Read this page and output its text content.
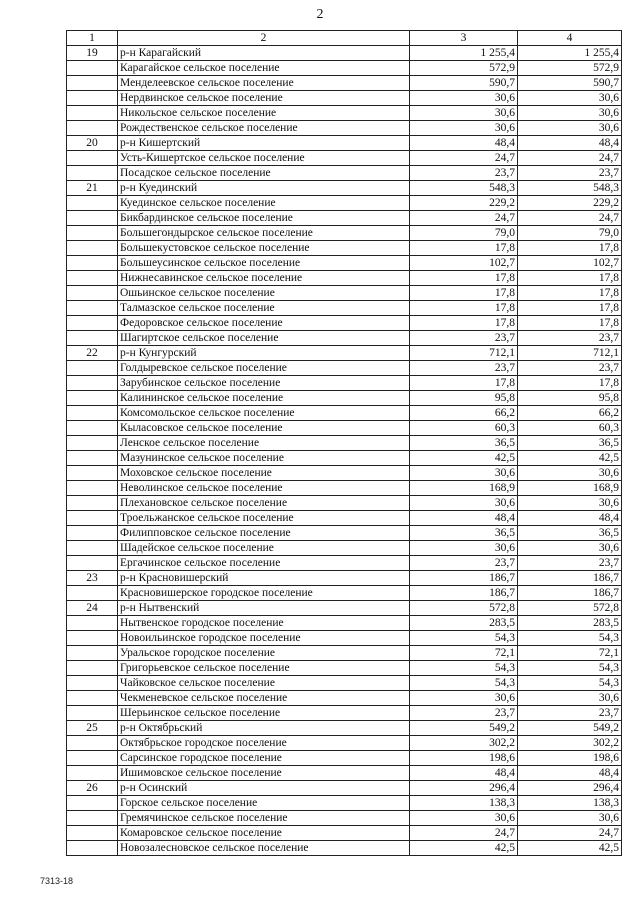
2
1	2	3	4
19	р-н Карагайский	1 255,4	1 255,4
	Карагайское сельское поселение	572,9	572,9
	Менделеевское сельское поселение	590,7	590,7
	Нердвинское сельское поселение	30,6	30,6
	Никольское сельское поселение	30,6	30,6
	Рождественское сельское поселение	30,6	30,6
20	р-н Кишертский	48,4	48,4
	Усть-Кишертское сельское поселение	24,7	24,7
	Посадское сельское поселение	23,7	23,7
21	р-н Куединский	548,3	548,3
	Куединское сельское поселение	229,2	229,2
	Бикбардинское сельское поселение	24,7	24,7
	Большегондырское сельское поселение	79,0	79,0
	Большекустовское сельское поселение	17,8	17,8
	Большеусинское сельское поселение	102,7	102,7
	Нижнесавинское сельское поселение	17,8	17,8
	Ошьинское сельское поселение	17,8	17,8
	Талмазское сельское поселение	17,8	17,8
	Федоровское сельское поселение	17,8	17,8
	Шагиртское сельское поселение	23,7	23,7
22	р-н Кунгурский	712,1	712,1
	Голдыревское сельское поселение	23,7	23,7
	Зарубинское сельское поселение	17,8	17,8
	Калининское сельское поселение	95,8	95,8
	Комсомольское сельское поселение	66,2	66,2
	Кыласовское сельское поселение	60,3	60,3
	Ленское сельское поселение	36,5	36,5
	Мазунинское сельское поселение	42,5	42,5
	Моховское сельское поселение	30,6	30,6
	Неволинское сельское поселение	168,9	168,9
	Плехановское сельское поселение	30,6	30,6
	Троельжанское сельское поселение	48,4	48,4
	Филипповское сельское поселение	36,5	36,5
	Шадейское сельское поселение	30,6	30,6
	Ергачинское сельское поселение	23,7	23,7
23	р-н Красновишерский	186,7	186,7
	Красновишерское городское поселение	186,7	186,7
24	р-н Нытвенский	572,8	572,8
	Нытвенское городское поселение	283,5	283,5
	Новоильинское городское поселение	54,3	54,3
	Уральское городское поселение	72,1	72,1
	Григорьевское сельское поселение	54,3	54,3
	Чайковское сельское поселение	54,3	54,3
	Чекменевское сельское поселение	30,6	30,6
	Шерьинское сельское поселение	23,7	23,7
25	р-н Октябрьский	549,2	549,2
	Октябрьское городское поселение	302,2	302,2
	Сарсинское городское поселение	198,6	198,6
	Ишимовское сельское поселение	48,4	48,4
26	р-н Осинский	296,4	296,4
	Горское сельское поселение	138,3	138,3
	Гремячинское сельское поселение	30,6	30,6
	Комаровское сельское поселение	24,7	24,7
	Новозалесновское сельское поселение	42,5	42,5
7313-18
